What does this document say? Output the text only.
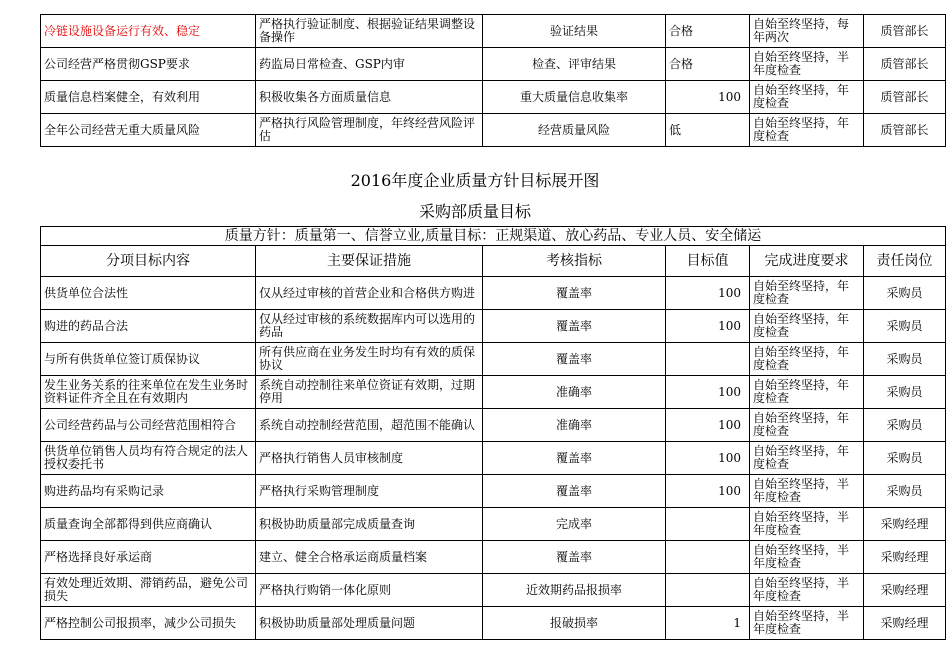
冷链设施设备运行有效、稳定	严格执行验证制度、根据验证结果调整设备操作	验证结果	合格	自始至终坚持，每年两次	质管部长
公司经营严格贯彻GSP要求	药监局日常检查、GSP内审	检查、评审结果	合格	自始至终坚持，半年度检查	质管部长
质量信息档案健全，有效利用	积极收集各方面质量信息	重大质量信息收集率	100	自始至终坚持，年度检查	质管部长
全年公司经营无重大质量风险	严格执行风险管理制度，年终经营风险评估	经营质量风险	低	自始至终坚持，年度检查	质管部长
2016年度企业质量方针目标展开图
采购部质量目标
质量方针：质量第一、信誉立业,质量目标：正规渠道、放心药品、专业人员、安全储运					
分项目标内容	主要保证措施	考核指标	目标值	完成进度要求	责任岗位
供货单位合法性	仅从经过审核的首营企业和合格供方购进	覆盖率	100	自始至终坚持，年度检查	采购员
购进的药品合法	仅从经过审核的系统数据库内可以选用的药品	覆盖率	100	自始至终坚持，年度检查	采购员
与所有供货单位签订质保协议	所有供应商在业务发生时均有有效的质保协议	覆盖率		自始至终坚持，年度检查	采购员
发生业务关系的往来单位在发生业务时资料证件齐全且在有效期内	系统自动控制往来单位资证有效期，过期停用	准确率	100	自始至终坚持，年度检查	采购员
公司经营药品与公司经营范围相符合	系统自动控制经营范围，超范围不能确认	准确率	100	自始至终坚持，年度检查	采购员
供货单位销售人员均有符合规定的法人授权委托书	严格执行销售人员审核制度	覆盖率	100	自始至终坚持，年度检查	采购员
购进药品均有采购记录	严格执行采购管理制度	覆盖率	100	自始至终坚持，半年度检查	采购员
质量查询全部都得到供应商确认	积极协助质量部完成质量查询	完成率		自始至终坚持，半年度检查	采购经理
严格选择良好承运商	建立、健全合格承运商质量档案	覆盖率		自始至终坚持，半年度检查	采购经理
有效处理近效期、滞销药品，避免公司损失	严格执行购销一体化原则	近效期药品报损率		自始至终坚持，半年度检查	采购经理
严格控制公司报损率，减少公司损失	积极协助质量部处理质量问题	报破损率	1	自始至终坚持，半年度检查	采购经理
